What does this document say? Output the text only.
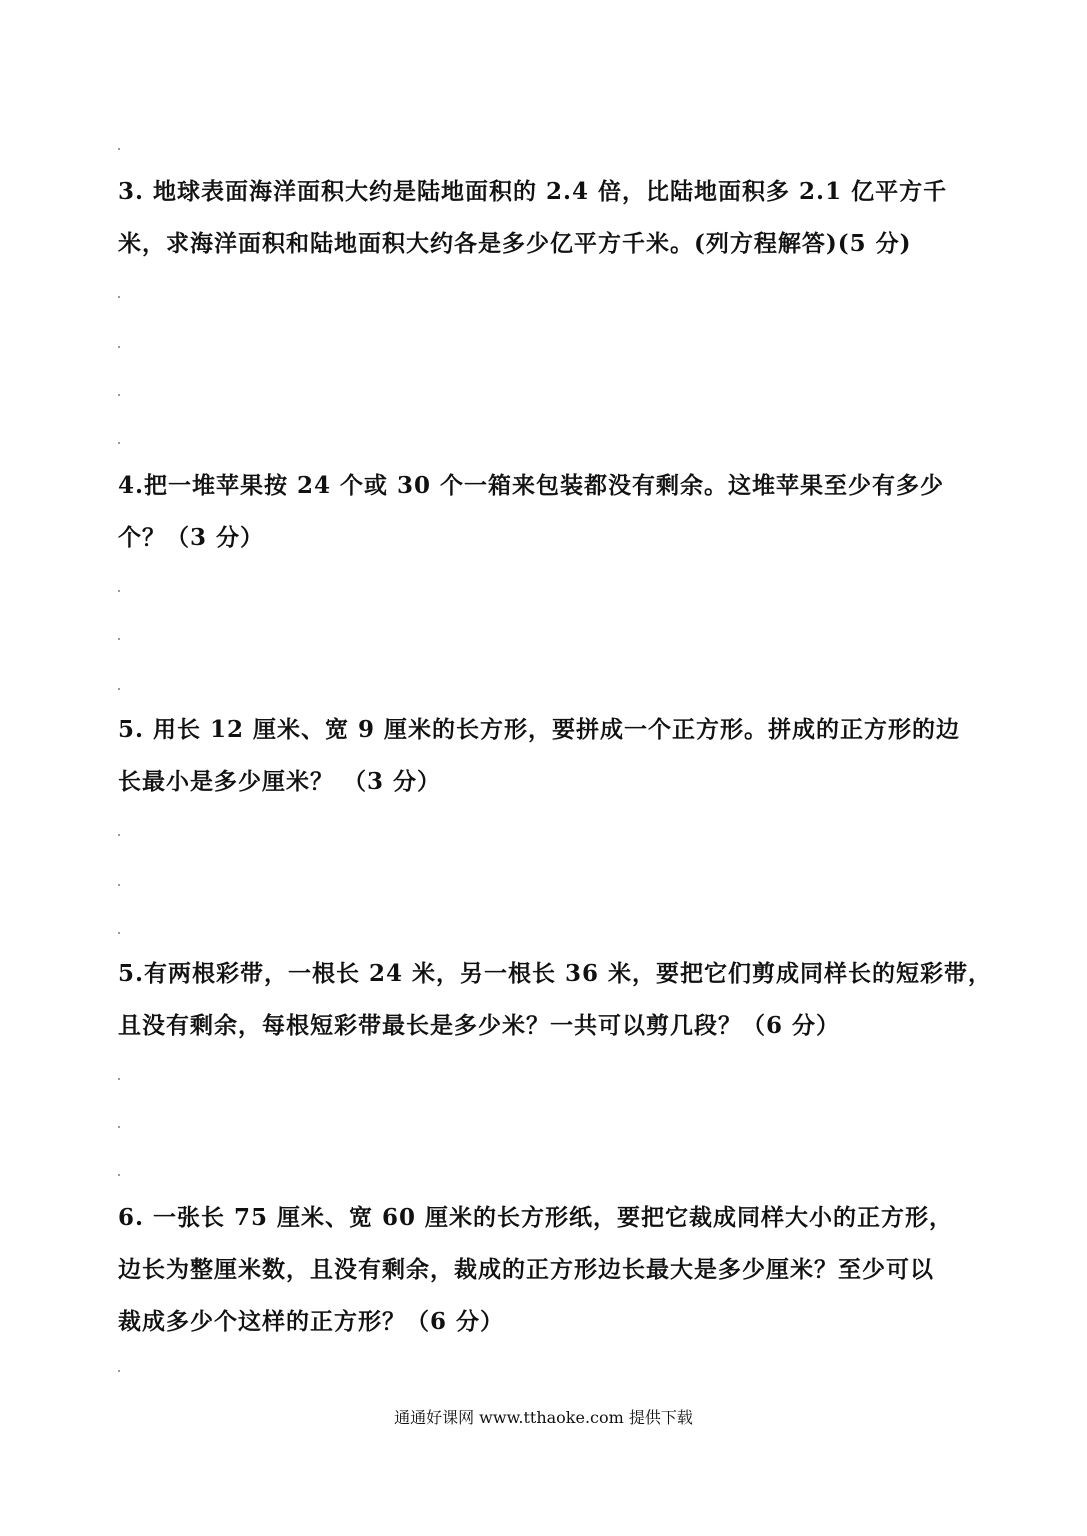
3. 地球表面海洋面积大约是陆地面积的 2.4 倍，比陆地面积多 2.1 亿平方千
米，求海洋面积和陆地面积大约各是多少亿平方千米。(列方程解答)(5 分)
4.把一堆苹果按 24 个或 30 个一箱来包装都没有剩余。这堆苹果至少有多少
个？（3 分）
5. 用长 12 厘米、宽 9 厘米的长方形，要拼成一个正方形。拼成的正方形的边
长最小是多少厘米？ （3 分）
5.有两根彩带，一根长 24 米，另一根长 36 米，要把它们剪成同样长的短彩带，
且没有剩余，每根短彩带最长是多少米？一共可以剪几段？（6 分）
6. 一张长 75 厘米、宽 60 厘米的长方形纸，要把它裁成同样大小的正方形，
边长为整厘米数，且没有剩余，裁成的正方形边长最大是多少厘米？至少可以
裁成多少个这样的正方形？（6 分）
通通好课网 www.tthaoke.com 提供下载
